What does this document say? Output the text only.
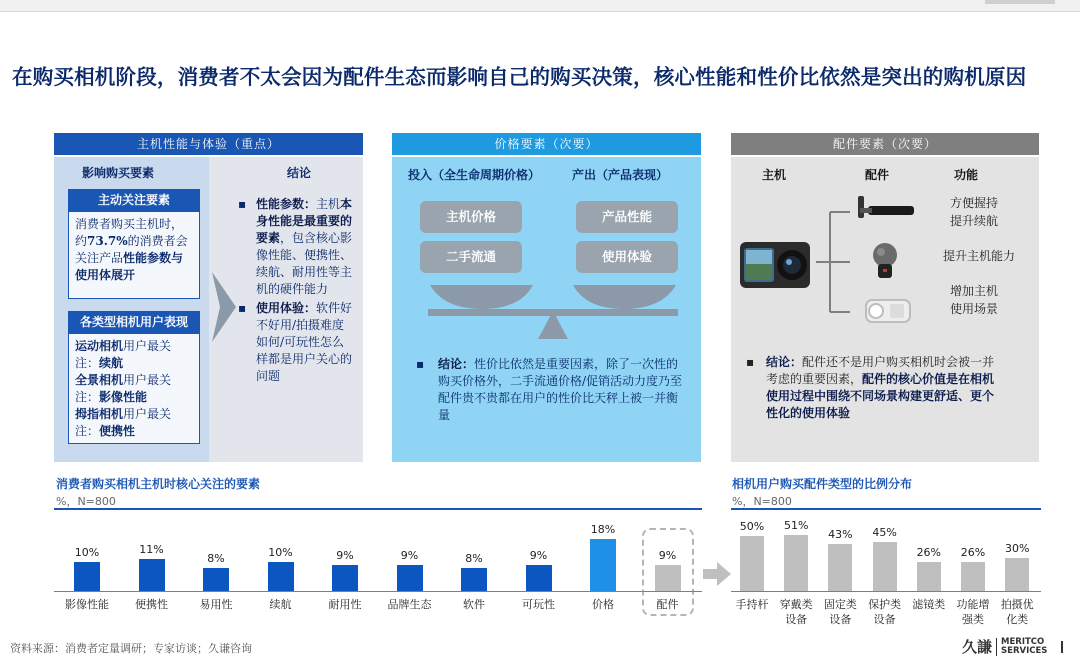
在购买相机阶段，消费者不太会因为配件生态而影响自己的购买决策，核心性能和性价比依然是突出的购机原因
主机性能与体验（重点）
影响购买要素	结论
主动关注要素
消费者购买主机时，约73.7%的消费者会关注产品性能参数与使用体展开
各类型相机用户表现
运动相机用户最关注：续航
全景相机用户最关注：影像性能
拇指相机用户最关注：便携性
▪ 性能参数：主机本身性能是最重要的要素，包含核心影像性能、便携性、续航、耐用性等主机的硬件能力
▪ 使用体验：软件好不好用/拍摄难度如何/可玩性怎么样都是用户关心的问题
价格要素（次要）
投入（全生命周期价格）	产出（产品表现）
主机价格
二手流通
产品性能
使用体验
▪	结论：性价比依然是重要因素，除了一次性的购买价格外，二手流通价格/促销活动力度乃至配件贵不贵都在用户的性价比天秤上被一并衡量
配件要素（次要）
主机	配件	功能
方便握持
提升续航
提升主机能力
增加主机
使用场景
▪ 结论：配件还不是用户购买相机时会被一并考虑的重要因素，配件的核心价值是在相机使用过程中围绕不同场景构建更舒适、更个性化的使用体验
消费者购买相机主机时核心关注的要素
%，N=800
相机用户购买配件类型的比例分布
%，N=800
10%
影像性能
11%
便携性
8%
易用性
10%
续航
9%
耐用性
9%
品牌生态
8%
软件
9%
可玩性
18%
价格
9%
配件
50%
手持杆
51%
穿戴类设备
43%
固定类设备
45%
保护类设备
26%
滤镜类
26%
功能增强类
30%
拍摄优化类
资料来源：消费者定量调研；专家访谈；久谦咨询	久謙 MERITCO
SERVICES
